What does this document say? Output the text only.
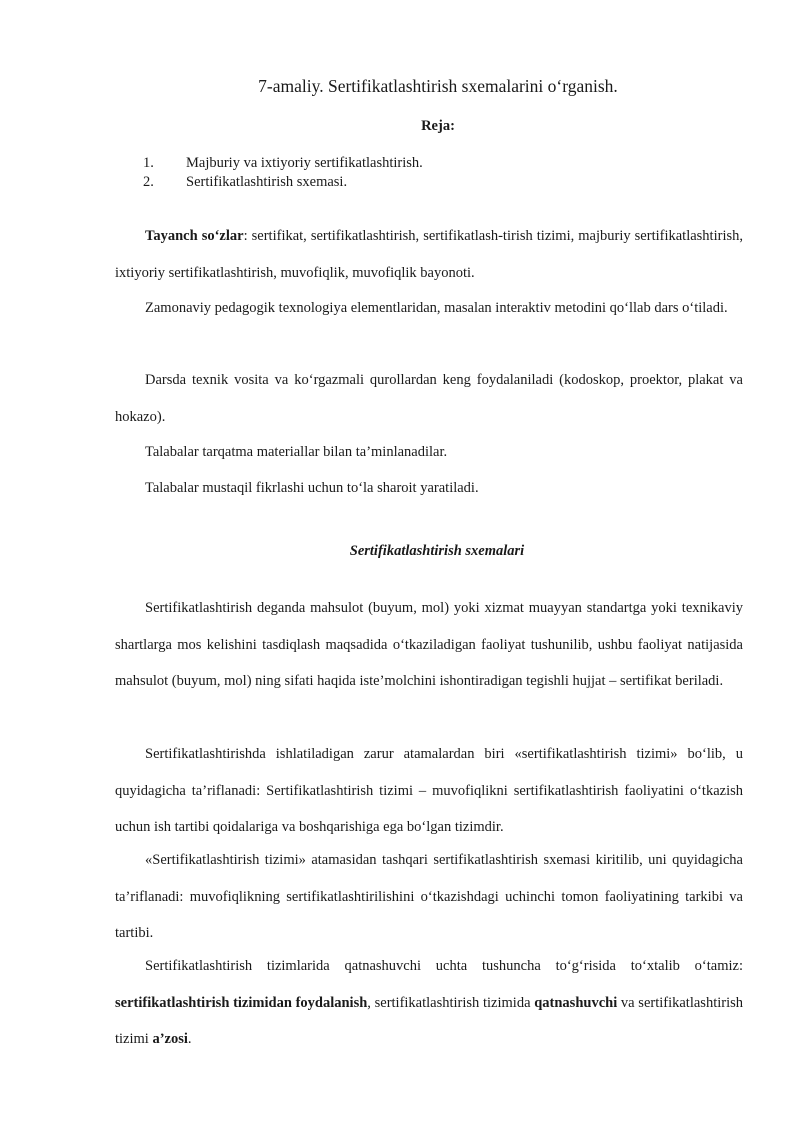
7-amaliy. Sertifikatlashtirish sxemalarini o‘rganish.
Reja:
1.	Majburiy va ixtiyoriy sertifikatlashtirish.
2.	Sertifikatlashtirish sxemasi.

Tayanch so‘zlar: sertifikat, sertifikatlashtirish, sertifikatlash-tirish tizimi, majburiy sertifikatlashtirish, ixtiyoriy sertifikatlashtirish, muvofiqlik, muvofiqlik bayonoti.

Zamonaviy pedagogik texnologiya elementlaridan, masalan interaktiv metodini qo‘llab dars o‘tiladi.

Darsda texnik vosita va ko‘rgazmali qurollardan keng foydalaniladi (kodoskop, proektor, plakat va hokazo).

Talabalar tarqatma materiallar bilan ta’minlanadilar.

Talabalar mustaqil fikrlashi uchun to‘la sharoit yaratiladi.

Sertifikatlashtirish sxemalari

Sertifikatlashtirish deganda mahsulot (buyum, mol) yoki xizmat muayyan standartga yoki texnikaviy shartlarga mos kelishini tasdiqlash maqsadida o‘tkaziladigan faoliyat tushunilib, ushbu faoliyat natijasida mahsulot (buyum, mol) ning sifati haqida iste’molchini ishontiradigan tegishli hujjat – sertifikat beriladi.

Sertifikatlashtirishda ishlatiladigan zarur atamalardan biri «sertifikatlashtirish tizimi» bo‘lib, u quyidagicha ta’riflanadi: Sertifikatlashtirish tizimi – muvofiqlikni sertifikatlashtirish faoliyatini o‘tkazish uchun ish tartibi qoidalariga va boshqarishiga ega bo‘lgan tizimdir.

«Sertifikatlashtirish tizimi» atamasidan tashqari sertifikatlashtirish sxemasi kiritilib, uni quyidagicha ta’riflanadi: muvofiqlikning sertifikatlashtirilishini o‘tkazishdagi uchinchi tomon faoliyatining tarkibi va tartibi.

Sertifikatlashtirish tizimlarida qatnashuvchi uchta tushuncha to‘g‘risida to‘xtalib o‘tamiz: sertifikatlashtirish tizimidan foydalanish, sertifikatlashtirish tizimida qatnashuvchi va sertifikatlashtirish tizimi a’zosi.
